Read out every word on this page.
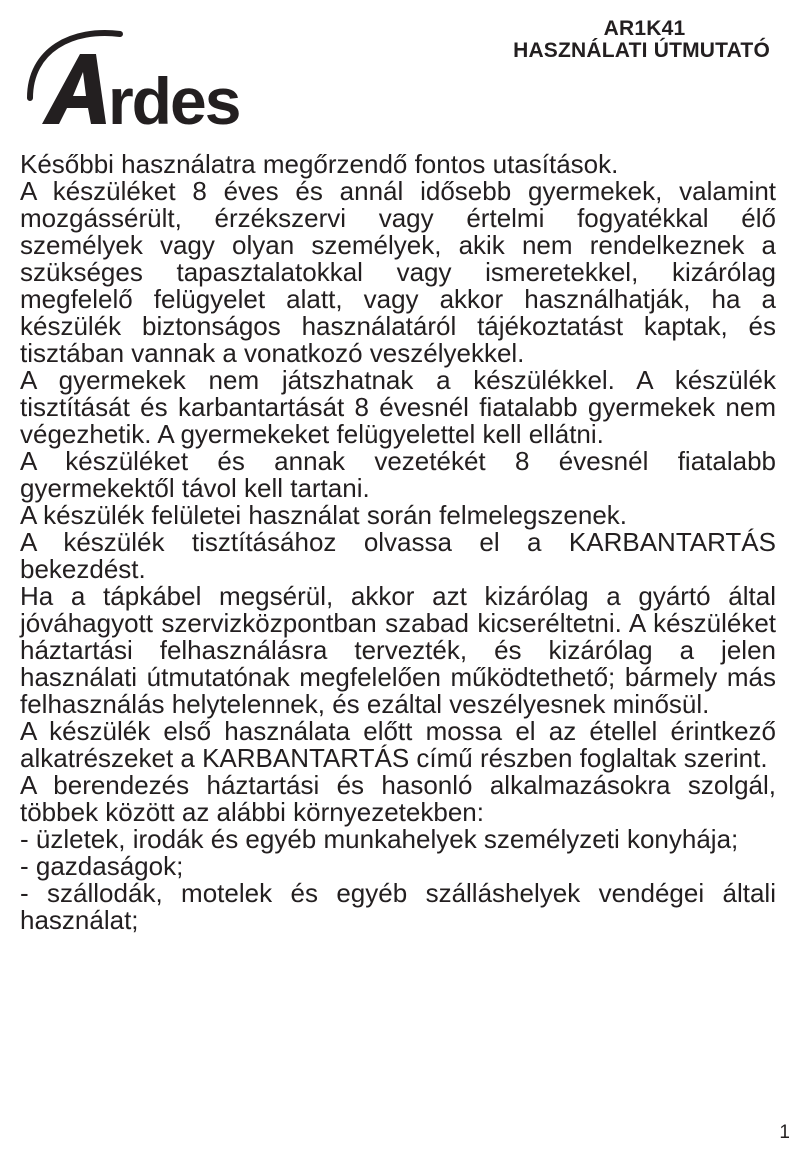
rdes
AR1K41
HASZNÁLATI ÚTMUTATÓ

Későbbi használatra megőrzendő fontos utasítások.

A készüléket 8 éves és annál idősebb gyermekek, valamint mozgássérült, érzékszervi vagy értelmi fogyatékkal élő személyek vagy olyan személyek, akik nem rendelkeznek a szükséges tapasztalatokkal vagy ismeretekkel, kizárólag megfelelő felügyelet alatt, vagy akkor használhatják, ha a készülék biztonságos használatáról tájékoztatást kaptak, és tisztában vannak a vonatkozó veszélyekkel.

A gyermekek nem játszhatnak a készülékkel. A készülék tisztítását és karbantartását 8 évesnél fiatalabb gyermekek nem végezhetik. A gyermekeket felügyelettel kell ellátni.

A készüléket és annak vezetékét 8 évesnél fiatalabb gyermekektől távol kell tartani.

A készülék felületei használat során felmelegszenek.

A készülék tisztításához olvassa el a KARBANTARTÁS bekezdést.

Ha a tápkábel megsérül, akkor azt kizárólag a gyártó által jóváhagyott szervizközpontban szabad kicseréltetni. A készüléket háztartási felhasználásra tervezték, és kizárólag a jelen használati útmutatónak megfelelően működtethető; bármely más felhasználás helytelennek, és ezáltal veszélyesnek minősül.

A készülék első használata előtt mossa el az étellel érintkező alkatrészeket a KARBANTARTÁS című részben foglaltak szerint.

A berendezés háztartási és hasonló alkalmazásokra szolgál, többek között az alábbi környezetekben:

- üzletek, irodák és egyéb munkahelyek személyzeti konyhája;

- gazdaságok;

- szállodák, motelek és egyéb szálláshelyek vendégei általi használat;

1
